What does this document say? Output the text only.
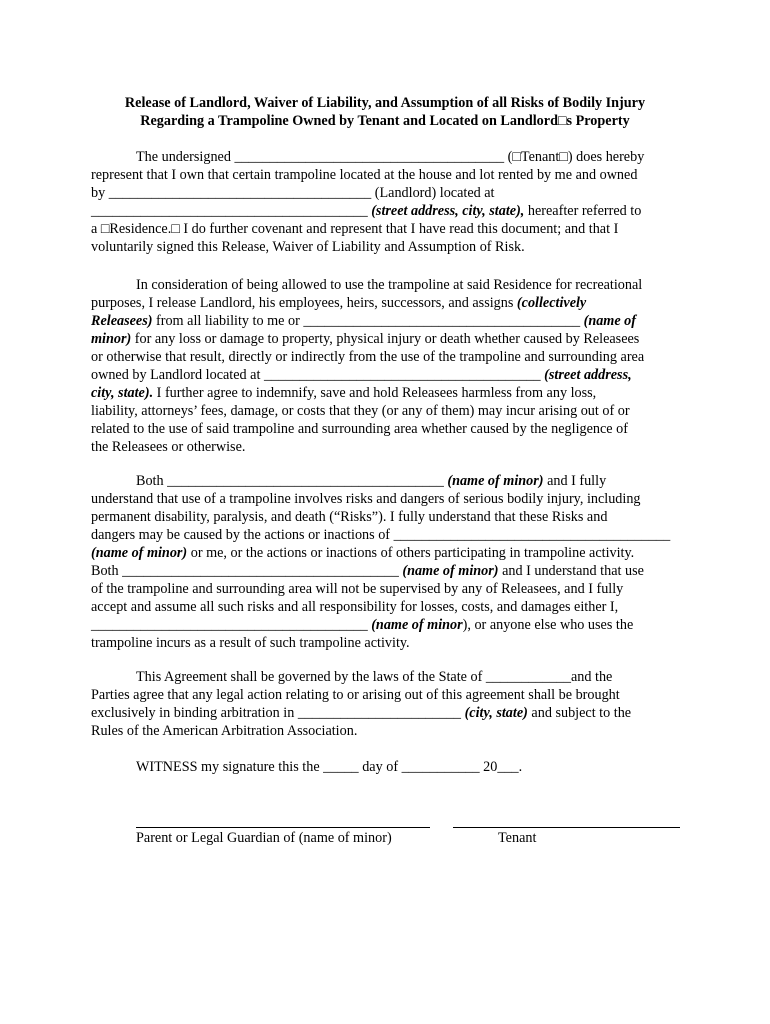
Release of Landlord, Waiver of Liability, and Assumption of all Risks of Bodily Injury
Regarding a Trampoline Owned by Tenant and Located on Landlord□s Property
The undersigned ______________________________________ (□Tenant□) does hereby
represent that I own that certain trampoline located at the house and lot rented by me and owned
by _____________________________________ (Landlord) located at
_______________________________________ (street address, city, state), hereafter referred to
a □Residence.□ I do further covenant and represent that I have read this document; and that I
voluntarily signed this Release, Waiver of Liability and Assumption of Risk.
In consideration of being allowed to use the trampoline at said Residence for recreational
purposes, I release Landlord, his employees, heirs, successors, and assigns (collectively
Releasees) from all liability to me or _______________________________________ (name of
minor) for any loss or damage to property, physical injury or death whether caused by Releasees
or otherwise that result, directly or indirectly from the use of the trampoline and surrounding area
owned by Landlord located at _______________________________________ (street address,
city, state). I further agree to indemnify, save and hold Releasees harmless from any loss,
liability, attorneys’ fees, damage, or costs that they (or any of them) may incur arising out of or
related to the use of said trampoline and surrounding area whether caused by the negligence of
the Releasees or otherwise.
Both _______________________________________ (name of minor) and I fully
understand that use of a trampoline involves risks and dangers of serious bodily injury, including
permanent disability, paralysis, and death (“Risks”). I fully understand that these Risks and
dangers may be caused by the actions or inactions of _______________________________________
(name of minor) or me, or the actions or inactions of others participating in trampoline activity.
Both _______________________________________ (name of minor) and I understand that use
of the trampoline and surrounding area will not be supervised by any of Releasees, and I fully
accept and assume all such risks and all responsibility for losses, costs, and damages either I,
_______________________________________ (name of minor), or anyone else who uses the
trampoline incurs as a result of such trampoline activity.
This Agreement shall be governed by the laws of the State of ____________and the
Parties agree that any legal action relating to or arising out of this agreement shall be brought
exclusively in binding arbitration in _______________________ (city, state) and subject to the
Rules of the American Arbitration Association.
WITNESS my signature this the _____ day of ___________ 20___.
Parent or Legal Guardian of (name of minor)	Tenant
